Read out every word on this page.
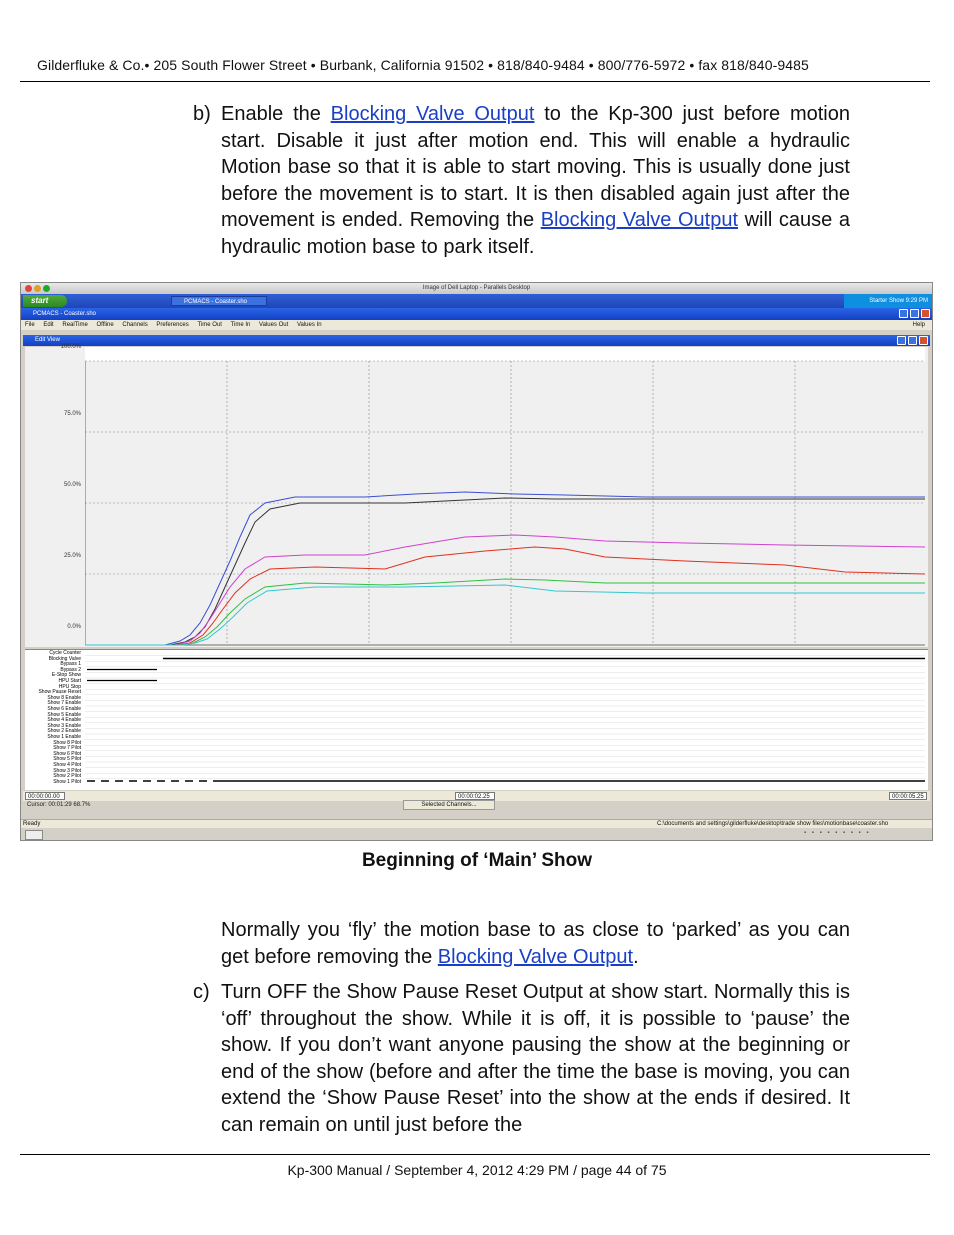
Gilderfluke & Co.• 205 South Flower Street • Burbank, California 91502 • 818/840-9484 • 800/776-5972 • fax 818/840-9485
b) Enable the Blocking Valve Output to the Kp-300 just before motion start. Disable it just after motion end. This will enable a hydraulic Motion base so that it is able to start moving. This is usually done just before the movement is to start. It is then disabled again just after the movement is ended. Removing the Blocking Valve Output will cause a hydraulic motion base to park itself.
Image of Dell Laptop - Parallels Desktop
start	PCMACS - Coaster.sho	Starter Show 9:29 PM
PCMACS - Coaster.sho
File Edit RealTime Offline Channels Preferences Time Out Time In Values Out Values In	Help
Edit View
100.0%
75.0%
50.0%
25.0%
0.0%
Cycle Counter
Blocking Valve
Bypass 1
Bypass 2
E-Stop Show
HPU Start
HPU Stop
Show Pause Reset
Show 8 Enable
Show 7 Enable
Show 6 Enable
Show 5 Enable
Show 4 Enable
Show 3 Enable
Show 2 Enable
Show 1 Enable
Show 8 Pilot
Show 7 Pilot
Show 6 Pilot
Show 5 Pilot
Show 4 Pilot
Show 3 Pilot
Show 2 Pilot
Show 1 Pilot
00:00:00.00	00:00:02.25	00:00:05.25
Cursor: 00:01:29 68.7%	Selected Channels...
Ready	C:\documents and settings\gilderfluke\desktop\trade show files\motionbase\coaster.sho
▪ ▪ ▪ ▪ ▪ ▪ ▪ ▪ ▪
Beginning of ‘Main’ Show
Normally you ‘fly’ the motion base to as close to ‘parked’ as you can get before removing the Blocking Valve Output.
c) Turn OFF the Show Pause Reset Output at show start. Normally this is ‘off’ throughout the show. While it is off, it is possible to ‘pause’ the show. If you don’t want anyone pausing the show at the beginning or end of the show (before and after the time the base is moving, you can extend the ‘Show Pause Reset’ into the show at the ends if desired. It can remain on until just before the
Kp-300 Manual / September 4, 2012 4:29 PM / page 44 of 75
